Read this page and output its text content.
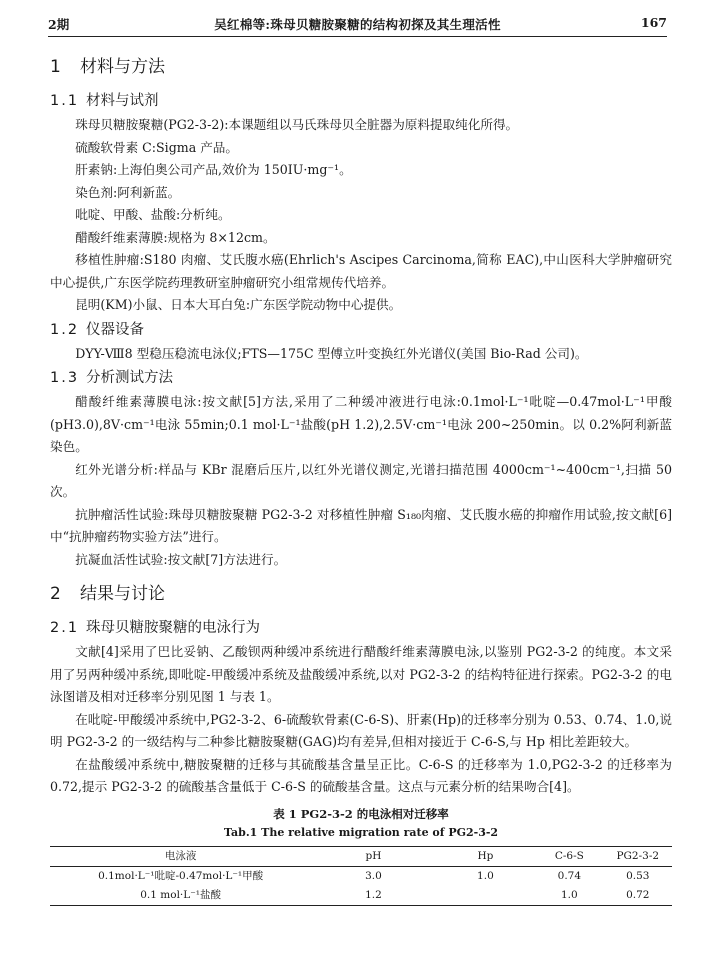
2期	吴红棉等:珠母贝糖胺聚糖的结构初探及其生理活性	167
1 材料与方法
1.1 材料与试剂

珠母贝糖胺聚糖(PG2-3-2):本课题组以马氏珠母贝全脏器为原料提取纯化所得。

硫酸软骨素 C:Sigma 产品。

肝素钠:上海伯奥公司产品,效价为 150IU·mg⁻¹。

染色剂:阿利新蓝。

吡啶、甲酸、盐酸:分析纯。

醋酸纤维素薄膜:规格为 8×12cm。

移植性肿瘤:S180 肉瘤、艾氏腹水癌(Ehrlich's Ascipes Carcinoma,简称 EAC),中山医科大学肿瘤研究中心提供,广东医学院药理教研室肿瘤研究小组常规传代培养。

昆明(KM)小鼠、日本大耳白兔:广东医学院动物中心提供。

1.2 仪器设备

DYY-Ⅷ8 型稳压稳流电泳仪;FTS—175C 型傅立叶变换红外光谱仪(美国 Bio-Rad 公司)。

1.3 分析测试方法

醋酸纤维素薄膜电泳:按文献[5]方法,采用了二种缓冲液进行电泳:0.1mol·L⁻¹吡啶—0.47mol·L⁻¹甲酸(pH3.0),8V·cm⁻¹电泳 55min;0.1 mol·L⁻¹盐酸(pH 1.2),2.5V·cm⁻¹电泳 200~250min。以 0.2%阿利新蓝染色。

红外光谱分析:样品与 KBr 混磨后压片,以红外光谱仪测定,光谱扫描范围 4000cm⁻¹~400cm⁻¹,扫描 50 次。

抗肿瘤活性试验:珠母贝糖胺聚糖 PG2-3-2 对移植性肿瘤 S₁₈₀肉瘤、艾氏腹水癌的抑瘤作用试验,按文献[6]中“抗肿瘤药物实验方法”进行。

抗凝血活性试验:按文献[7]方法进行。

2 结果与讨论
2.1 珠母贝糖胺聚糖的电泳行为

文献[4]采用了巴比妥钠、乙酸钡两种缓冲系统进行醋酸纤维素薄膜电泳,以鉴别 PG2-3-2 的纯度。本文采用了另两种缓冲系统,即吡啶-甲酸缓冲系统及盐酸缓冲系统,以对 PG2-3-2 的结构特征进行探索。PG2-3-2 的电泳图谱及相对迁移率分别见图 1 与表 1。

在吡啶-甲酸缓冲系统中,PG2-3-2、6-硫酸软骨素(C-6-S)、肝素(Hp)的迁移率分别为 0.53、0.74、1.0,说明 PG2-3-2 的一级结构与二种参比糖胺聚糖(GAG)均有差异,但相对接近于 C-6-S,与 Hp 相比差距较大。

在盐酸缓冲系统中,糖胺聚糖的迁移与其硫酸基含量呈正比。C-6-S 的迁移率为 1.0,PG2-3-2 的迁移率为 0.72,提示 PG2-3-2 的硫酸基含量低于 C-6-S 的硫酸基含量。这点与元素分析的结果吻合[4]。

表 1 PG2-3-2 的电泳相对迁移率
Tab.1 The relative migration rate of PG2-3-2
电泳液	pH	Hp	C-6-S	PG2-3-2
0.1mol·L⁻¹吡啶-0.47mol·L⁻¹甲酸	3.0	1.0	0.74	0.53
0.1 mol·L⁻¹盐酸	1.2		1.0	0.72
